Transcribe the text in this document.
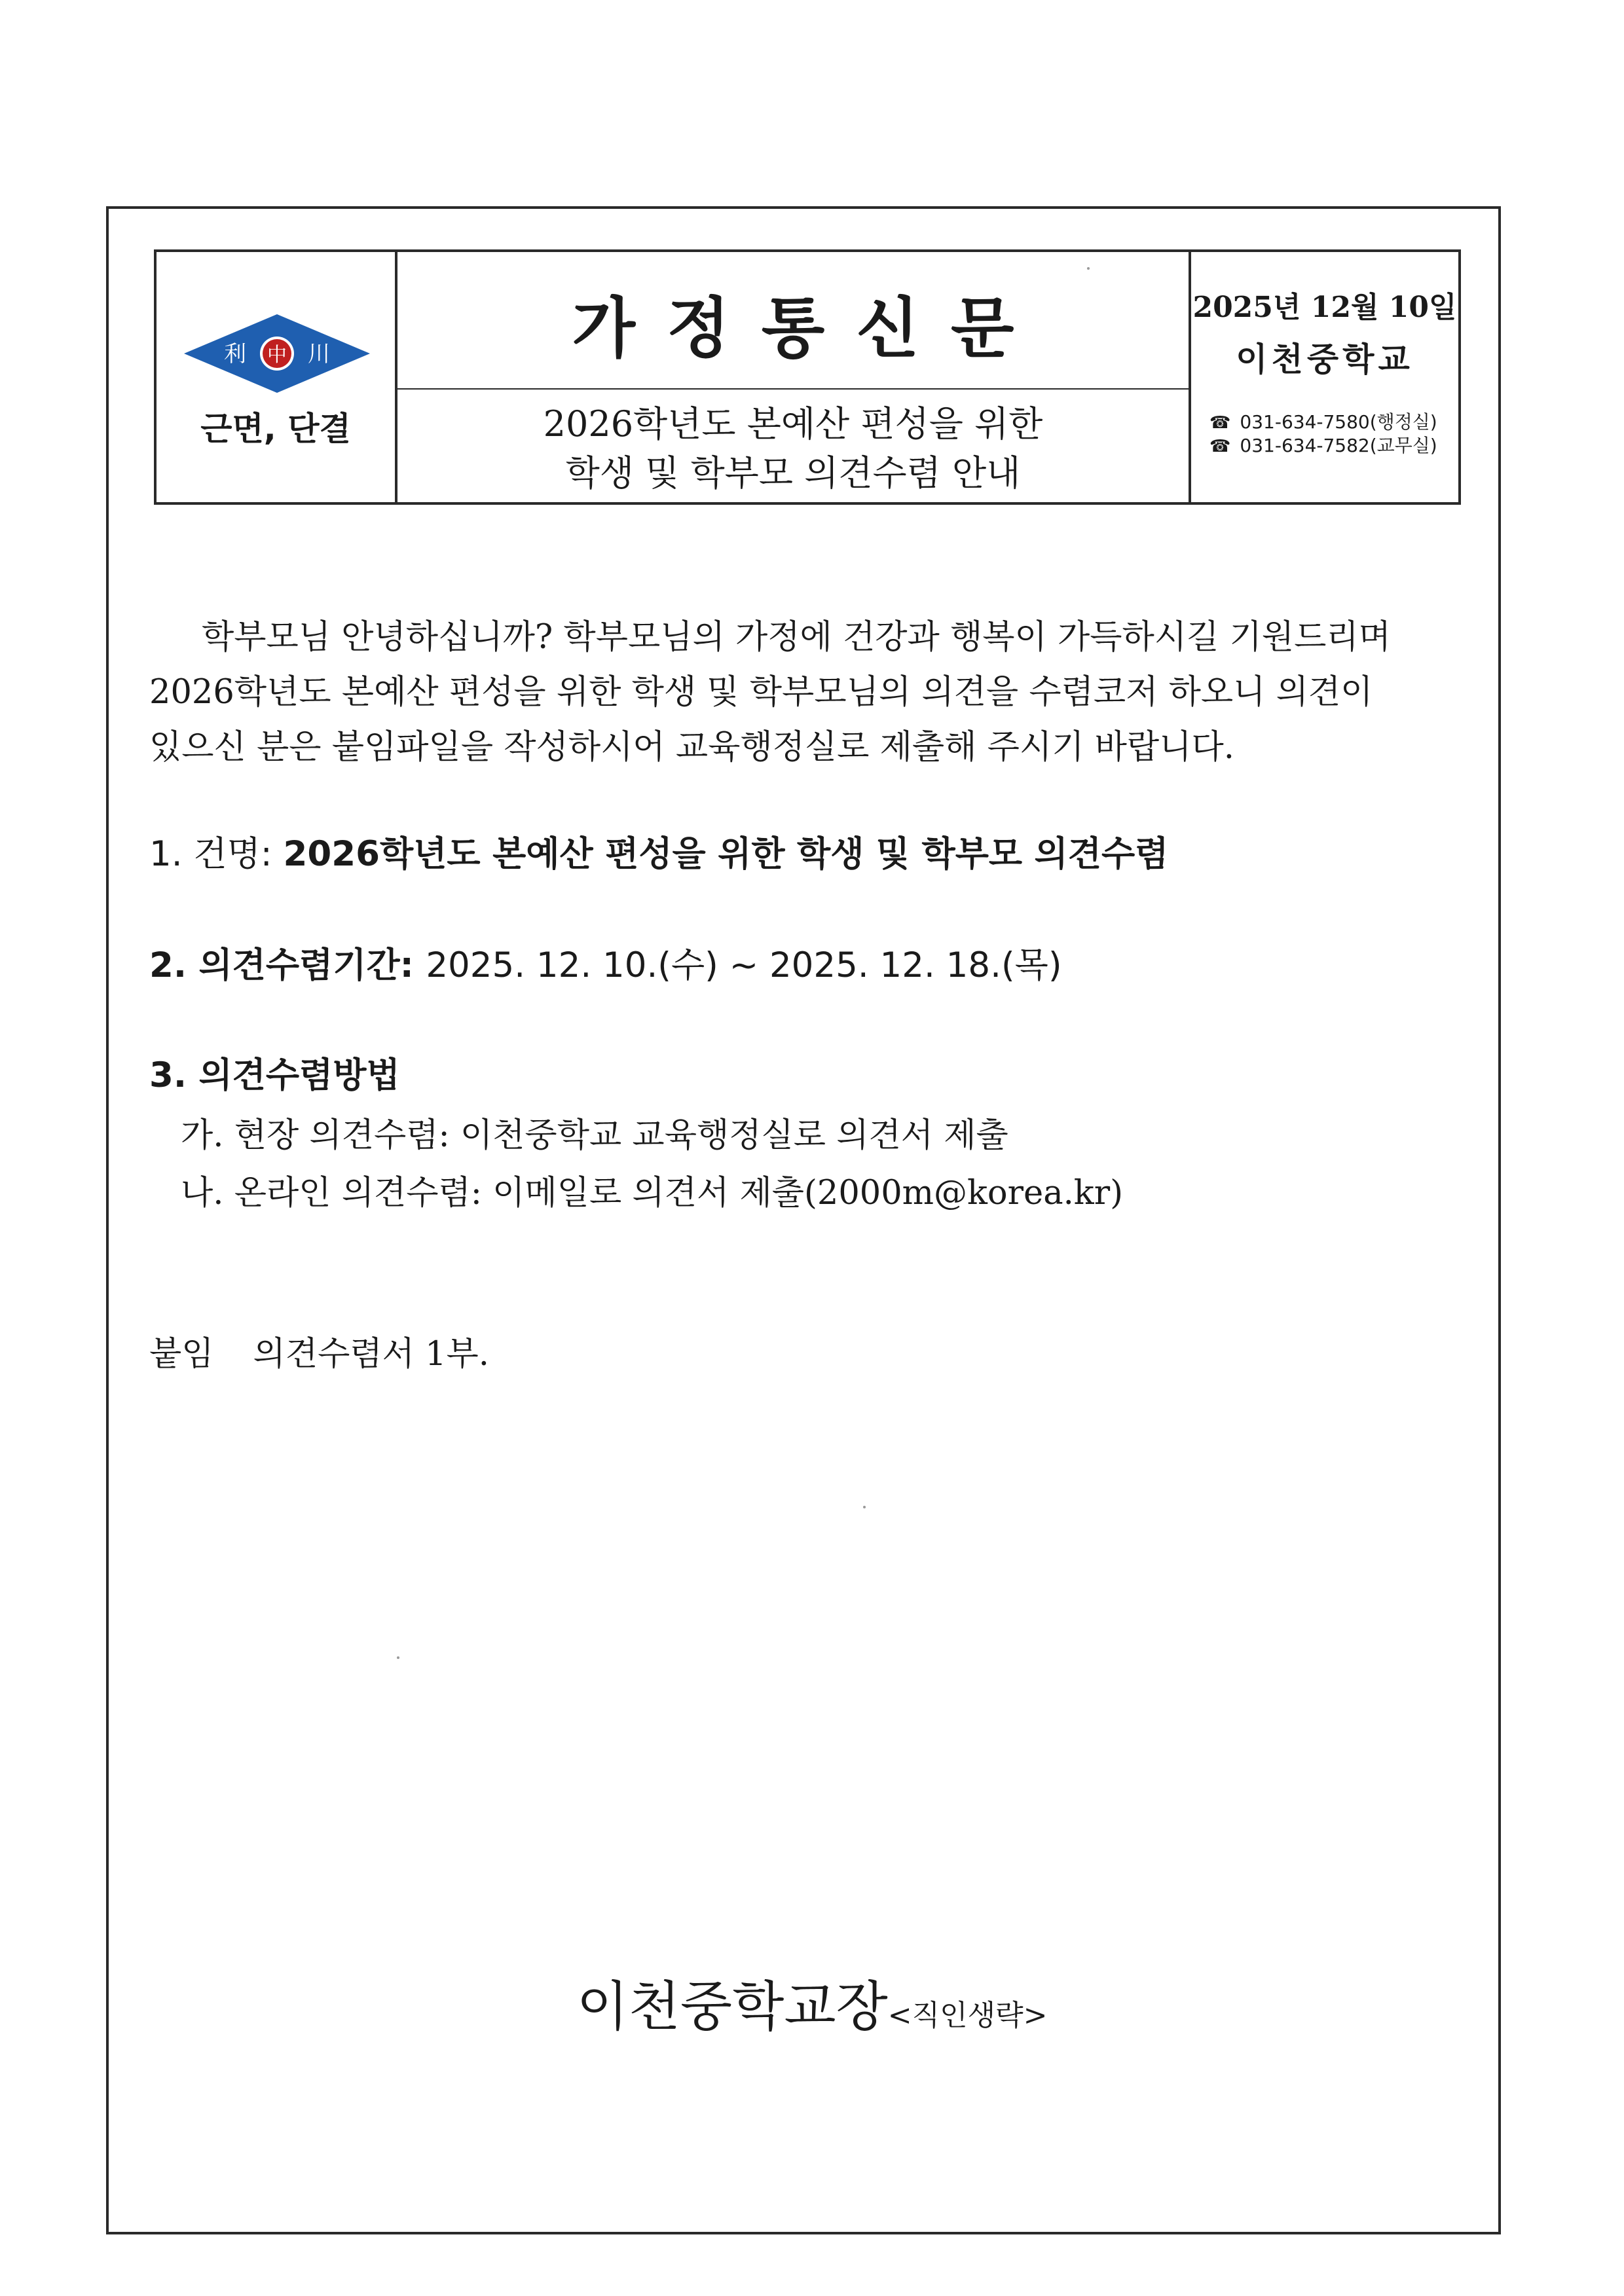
利 中 川
근면, 단결
가정통신문
2026학년도 본예산 편성을 위한
학생 및 학부모 의견수렴 안내
2025년 12월 10일
이천중학교
☎ 031-634-7580(행정실)
☎ 031-634-7582(교무실)
학부모님 안녕하십니까? 학부모님의 가정에 건강과 행복이 가득하시길 기원드리며
2026학년도 본예산 편성을 위한 학생 및 학부모님의 의견을 수렴코저 하오니 의견이
있으신 분은 붙임파일을 작성하시어 교육행정실로 제출해 주시기 바랍니다.
1. 건명: 2026학년도 본예산 편성을 위한 학생 및 학부모 의견수렴
2. 의견수렴기간: 2025. 12. 10.(수) ~ 2025. 12. 18.(목)
3. 의견수렴방법
가. 현장 의견수렴: 이천중학교 교육행정실로 의견서 제출
나. 온라인 의견수렴: 이메일로 의견서 제출(2000m@korea.kr)
붙임 의견수렴서 1부.
이천중학교장<직인생략>
